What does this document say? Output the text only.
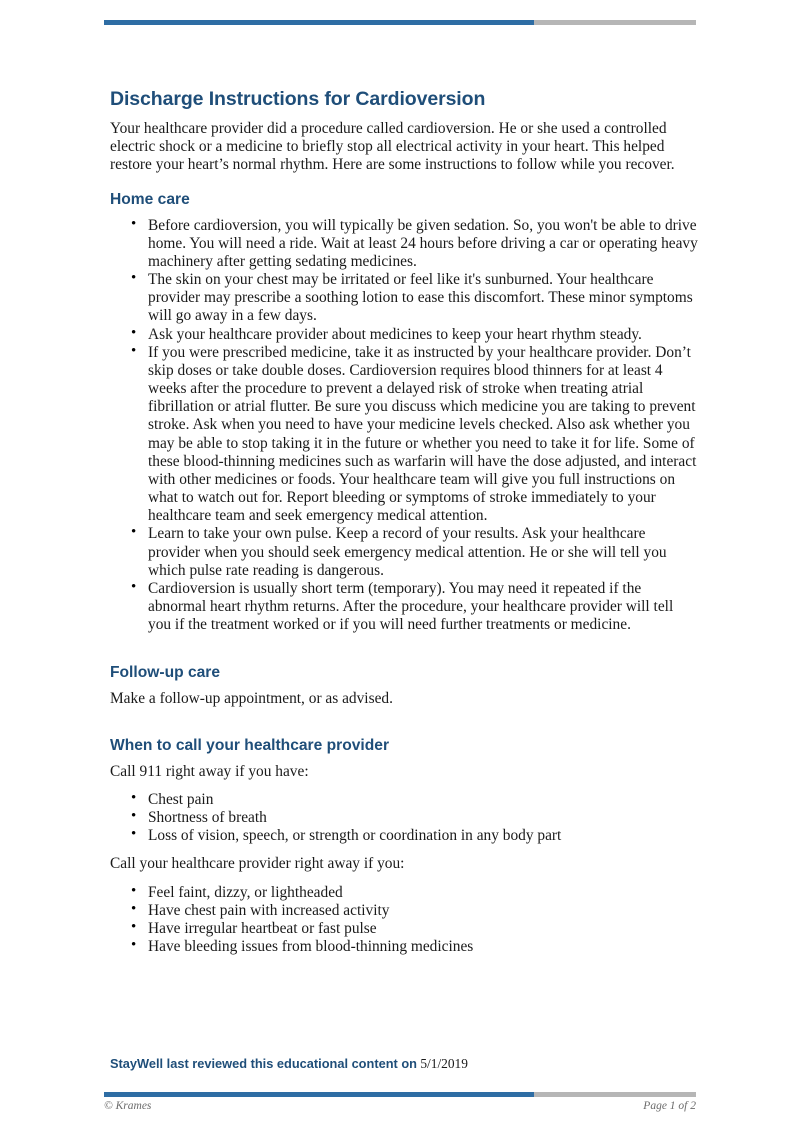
Discharge Instructions for Cardioversion

Your healthcare provider did a procedure called cardioversion. He or she used a controlled electric shock or a medicine to briefly stop all electrical activity in your heart. This helped restore your heart’s normal rhythm. Here are some instructions to follow while you recover.

Home care
• Before cardioversion, you will typically be given sedation. So, you won't be able to drive home. You will need a ride. Wait at least 24 hours before driving a car or operating heavy machinery after getting sedating medicines.
• The skin on your chest may be irritated or feel like it's sunburned. Your healthcare provider may prescribe a soothing lotion to ease this discomfort. These minor symptoms will go away in a few days.
• Ask your healthcare provider about medicines to keep your heart rhythm steady.
• If you were prescribed medicine, take it as instructed by your healthcare provider. Don’t skip doses or take double doses. Cardioversion requires blood thinners for at least 4 weeks after the procedure to prevent a delayed risk of stroke when treating atrial fibrillation or atrial flutter. Be sure you discuss which medicine you are taking to prevent stroke. Ask when you need to have your medicine levels checked. Also ask whether you may be able to stop taking it in the future or whether you need to take it for life. Some of these blood-thinning medicines such as warfarin will have the dose adjusted, and interact with other medicines or foods. Your healthcare team will give you full instructions on what to watch out for. Report bleeding or symptoms of stroke immediately to your healthcare team and seek emergency medical attention.
• Learn to take your own pulse. Keep a record of your results. Ask your healthcare provider when you should seek emergency medical attention. He or she will tell you which pulse rate reading is dangerous.
• Cardioversion is usually short term (temporary). You may need it repeated if the abnormal heart rhythm returns. After the procedure, your healthcare provider will tell you if the treatment worked or if you will need further treatments or medicine.
Follow-up care

Make a follow-up appointment, or as advised.

When to call your healthcare provider

Call 911 right away if you have:

• Chest pain
• Shortness of breath
• Loss of vision, speech, or strength or coordination in any body part

Call your healthcare provider right away if you:

• Feel faint, dizzy, or lightheaded
• Have chest pain with increased activity
• Have irregular heartbeat or fast pulse
• Have bleeding issues from blood-thinning medicines
StayWell last reviewed this educational content on 5/1/2019
© Krames	Page 1 of 2
